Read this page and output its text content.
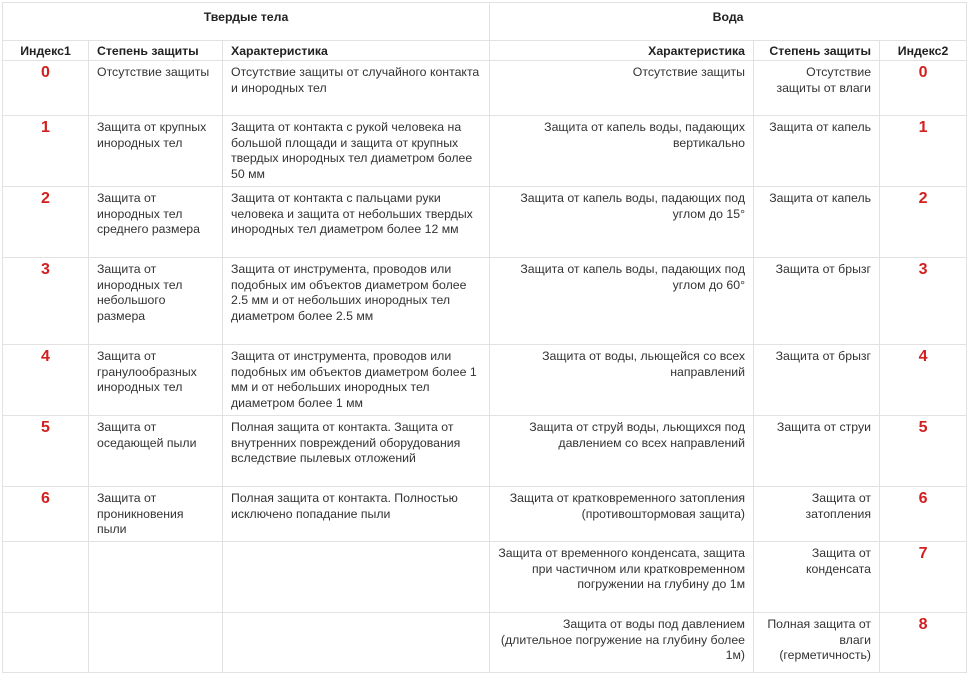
Твердые тела			Вода		
Индекс1	Степень защиты	Характеристика	Характеристика	Степень защиты	Индекс2
0	Отсутствие защиты	Отсутствие защиты от случайного контакта и инородных тел	Отсутствие защиты	Отсутствие защиты от влаги	0
1	Защита от крупных инородных тел	Защита от контакта с рукой человека на большой площади и защита от крупных твердых инородных тел диаметром более 50 мм	Защита от капель воды, падающих вертикально	Защита от капель	1
2	Защита от инородных тел среднего размера	Защита от контакта с пальцами руки человека и защита от небольших твердых инородных тел диаметром более 12 мм	Защита от капель воды, падающих под углом до 15°	Защита от капель	2
3	Защита от инородных тел небольшого размера	Защита от инструмента, проводов или подобных им объектов диаметром более 2.5 мм и от небольших инородных тел диаметром более 2.5 мм	Защита от капель воды, падающих под углом до 60°	Защита от брызг	3
4	Защита от гранулообразных инородных тел	Защита от инструмента, проводов или подобных им объектов диаметром более 1 мм и от небольших инородных тел диаметром более 1 мм	Защита от воды, льющейся со всех направлений	Защита от брызг	4
5	Защита от оседающей пыли	Полная защита от контакта. Защита от внутренних повреждений оборудования вследствие пылевых отложений	Защита от струй воды, льющихся под давлением со всех направлений	Защита от струи	5
6	Защита от проникновения пыли	Полная защита от контакта. Полностью исключено попадание пыли	Защита от кратковременного затопления (противоштормовая защита)	Защита от затопления	6
			Защита от временного конденсата, защита при частичном или кратковременном погружении на глубину до 1м	Защита от конденсата	7
			Защита от воды под давлением (длительное погружение на глубину более 1м)	Полная защита от влаги (герметичность)	8
